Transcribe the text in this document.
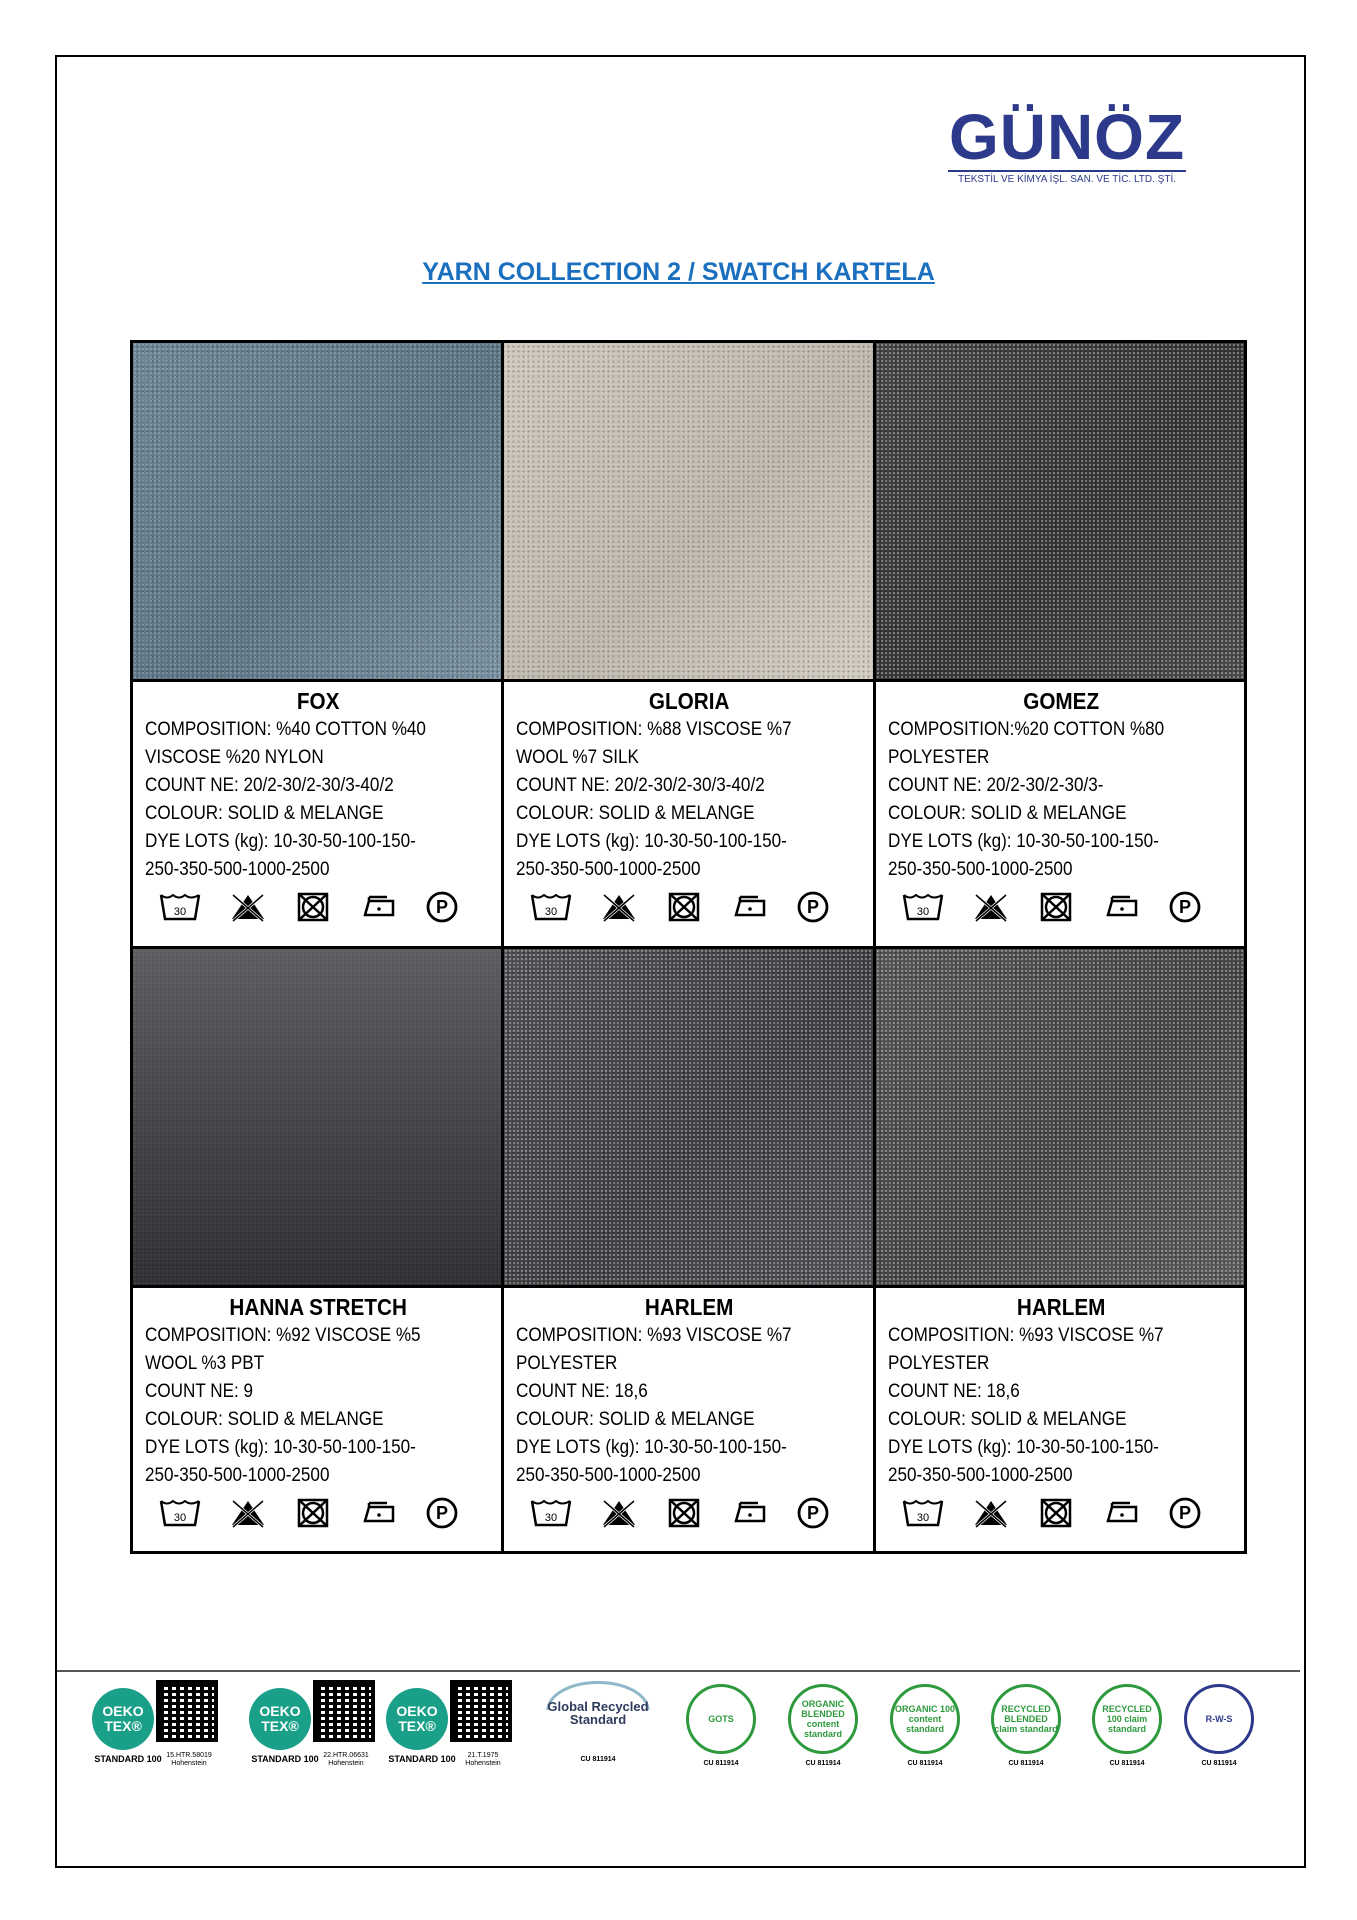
GÜNÖZ
TEKSTİL VE KİMYA İŞL. SAN. VE TİC. LTD. ŞTİ.
YARN COLLECTION 2 / SWATCH KARTELA
FOX
COMPOSITION: %40 COTTON %40
VISCOSE %20 NYLON
COUNT NE: 20/2-30/2-30/3-40/2
COLOUR: SOLID & MELANGE
DYE LOTS (kg): 10-30-50-100-150-
250-350-500-1000-2500
30	P
GLORIA
COMPOSITION: %88 VISCOSE %7
WOOL %7 SILK
COUNT NE: 20/2-30/2-30/3-40/2
COLOUR: SOLID & MELANGE
DYE LOTS (kg): 10-30-50-100-150-
250-350-500-1000-2500
30	P
GOMEZ
COMPOSITION:%20 COTTON %80
POLYESTER
COUNT NE: 20/2-30/2-30/3-
COLOUR: SOLID & MELANGE
DYE LOTS (kg): 10-30-50-100-150-
250-350-500-1000-2500
30	P
HANNA STRETCH
COMPOSITION: %92 VISCOSE %5
WOOL %3 PBT
COUNT NE: 9
COLOUR: SOLID & MELANGE
DYE LOTS (kg): 10-30-50-100-150-
250-350-500-1000-2500
30	P
HARLEM
COMPOSITION: %93 VISCOSE %7
POLYESTER
COUNT NE: 18,6
COLOUR: SOLID & MELANGE
DYE LOTS (kg): 10-30-50-100-150-
250-350-500-1000-2500
30	P
HARLEM
COMPOSITION: %93 VISCOSE %7
POLYESTER
COUNT NE: 18,6
COLOUR: SOLID & MELANGE
DYE LOTS (kg): 10-30-50-100-150-
250-350-500-1000-2500
30	P
OEKO
TEX®
STANDARD 100 15.HTR.58019
Hohenstein
OEKO
TEX®
STANDARD 100 22.HTR.06631
Hohenstein
OEKO
TEX®
STANDARD 100	21.T.1975
Hohenstein
Global Recycled Standard
CU 811914
GOTS
CU 811914
ORGANIC BLENDED content standard
CU 811914
ORGANIC 100 content standard
CU 811914
RECYCLED BLENDED claim standard
CU 811914
RECYCLED 100 claim standard
CU 811914
R-W-S
CU 811914
